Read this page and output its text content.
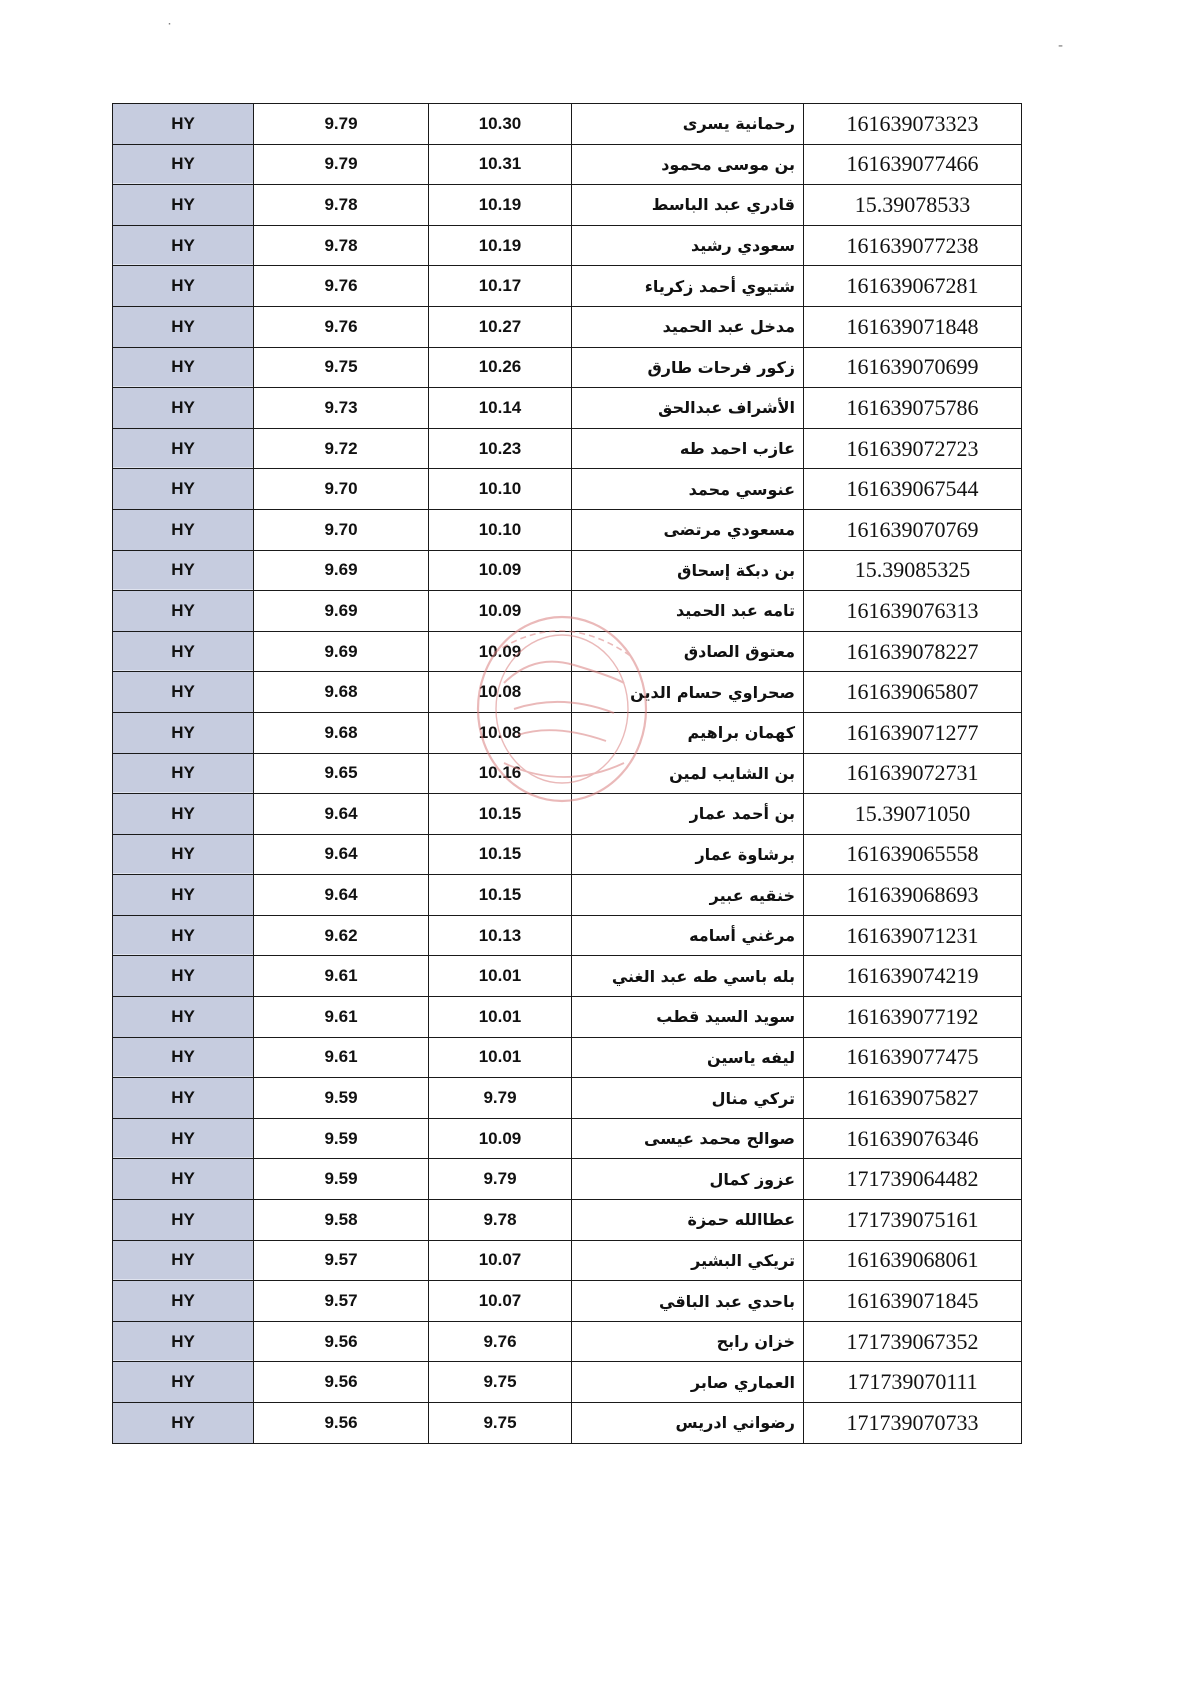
˙
-
HY	9.79	10.30	رحمانية يسرى	161639073323
HY	9.79	10.31	بن موسى محمود	161639077466
HY	9.78	10.19	قادري عبد الباسط	15.39078533
HY	9.78	10.19	سعودي رشيد	161639077238
HY	9.76	10.17	شتيوي أحمد زكرياء	161639067281
HY	9.76	10.27	مدخل عبد الحميد	161639071848
HY	9.75	10.26	زكور فرحات طارق	161639070699
HY	9.73	10.14	الأشراف عبدالحق	161639075786
HY	9.72	10.23	عازب احمد طه	161639072723
HY	9.70	10.10	عنوسي محمد	161639067544
HY	9.70	10.10	مسعودي مرتضى	161639070769
HY	9.69	10.09	بن دبكة إسحاق	15.39085325
HY	9.69	10.09	تامه عبد الحميد	161639076313
HY	9.69	10.09	معتوق الصادق	161639078227
HY	9.68	10.08	صحراوي حسام الدين	161639065807
HY	9.68	10.08	كهمان براهيم	161639071277
HY	9.65	10.16	بن الشايب لمين	161639072731
HY	9.64	10.15	بن أحمد عمار	15.39071050
HY	9.64	10.15	برشاوة عمار	161639065558
HY	9.64	10.15	خنقيه عبير	161639068693
HY	9.62	10.13	مرغني أسامه	161639071231
HY	9.61	10.01	بله باسي طه عبد الغني	161639074219
HY	9.61	10.01	سويد السيد قطب	161639077192
HY	9.61	10.01	ليفه ياسين	161639077475
HY	9.59	9.79	تركي منال	161639075827
HY	9.59	10.09	صوالح محمد عيسى	161639076346
HY	9.59	9.79	عزوز كمال	171739064482
HY	9.58	9.78	عطاالله حمزة	171739075161
HY	9.57	10.07	تريكي البشير	161639068061
HY	9.57	10.07	باحدي عبد الباقي	161639071845
HY	9.56	9.76	خزان رابح	171739067352
HY	9.56	9.75	العماري صابر	171739070111
HY	9.56	9.75	رضواني ادريس	171739070733
